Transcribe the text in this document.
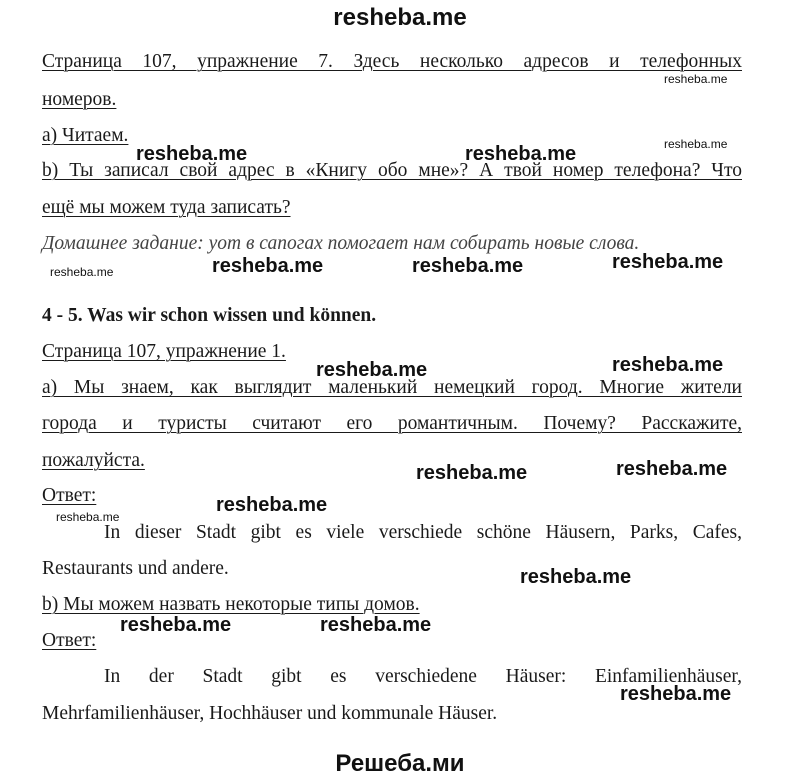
resheba.me
Страница 107, упражнение 7. Здесь несколько адресов и телефонных
номеров.
а) Читаем.
b) Ты записал свой адрес в «Книгу обо мне»? А твой номер телефона? Что
ещё мы можем туда записать?
Домашнее задание: уот в сапогах помогает нам собирать новые слова.
4 - 5. Was wir schon wissen und können.
Страница 107, упражнение 1.
а) Мы знаем, как выглядит маленький немецкий город. Многие жители
города и туристы считают его романтичным. Почему? Расскажите,
пожалуйста.
Ответ:
In dieser Stadt gibt es viele verschiede schöne Häusern, Parks, Cafes,
Restaurants und andere.
b) Мы можем назвать некоторые типы домов.
Ответ:
In der Stadt gibt es verschiedene Häuser: Einfamilienhäuser,
Mehrfamilienhäuser, Hochhäuser und kommunale Häuser.
resheba.me
resheba.me
resheba.me	resheba.me
resheba.me	resheba.me	resheba.me	resheba.me
resheba.me	resheba.me
resheba.me	resheba.me
resheba.me
resheba.me
resheba.me
resheba.me	resheba.me
resheba.me
Решеба.ми
